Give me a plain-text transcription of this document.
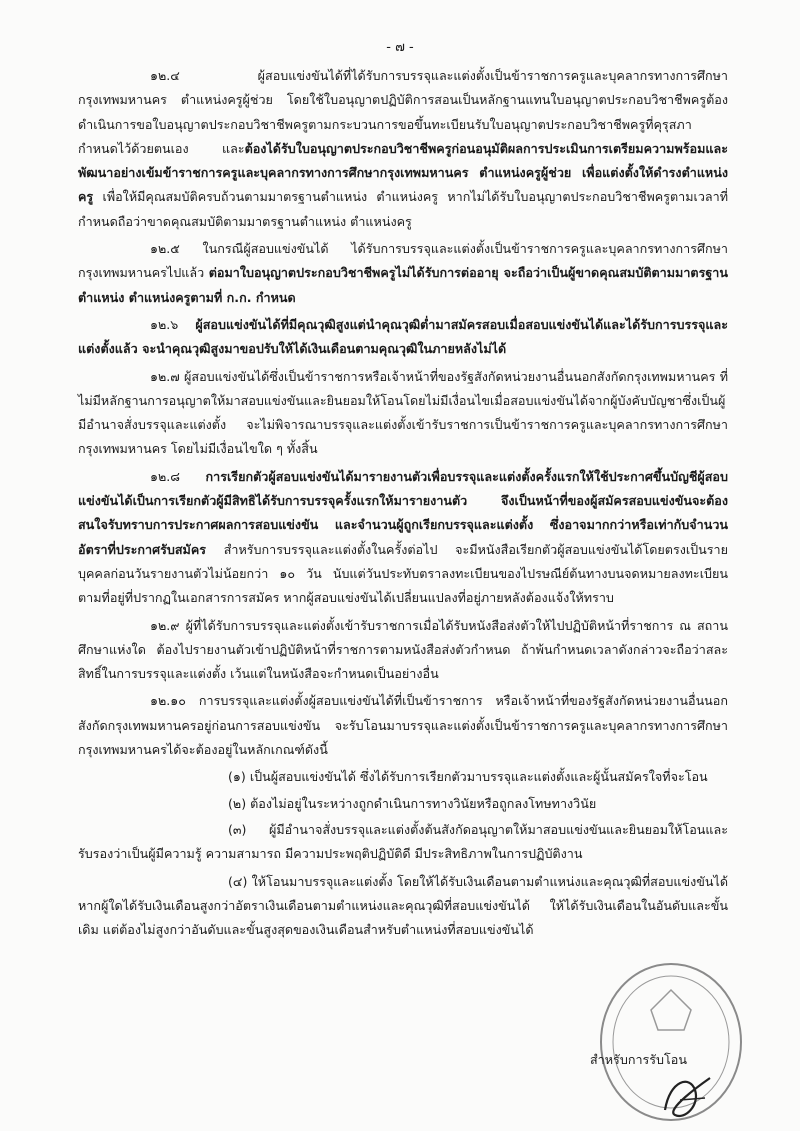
- ๗ -

๑๒.๔ ผู้สอบแข่งขันได้ที่ได้รับการบรรจุและแต่งตั้งเป็นข้าราชการครูและบุคลากรทางการศึกษากรุงเทพมหานคร ตำแหน่งครูผู้ช่วย โดยใช้ใบอนุญาตปฏิบัติการสอนเป็นหลักฐานแทนใบอนุญาตประกอบวิชาชีพครูต้องดำเนินการขอใบอนุญาตประกอบวิชาชีพครูตามกระบวนการขอขึ้นทะเบียนรับใบอนุญาตประกอบวิชาชีพครูที่คุรุสภากำหนดไว้ด้วยตนเอง และต้องได้รับใบอนุญาตประกอบวิชาชีพครูก่อนอนุมัติผลการประเมินการเตรียมความพร้อมและพัฒนาอย่างเข้มข้าราชการครูและบุคลากรทางการศึกษากรุงเทพมหานคร ตำแหน่งครูผู้ช่วย เพื่อแต่งตั้งให้ดำรงตำแหน่งครู เพื่อให้มีคุณสมบัติครบถ้วนตามมาตรฐานตำแหน่ง ตำแหน่งครู หากไม่ได้รับใบอนุญาตประกอบวิชาชีพครูตามเวลาที่กำหนดถือว่าขาดคุณสมบัติตามมาตรฐานตำแหน่ง ตำแหน่งครู

๑๒.๕ ในกรณีผู้สอบแข่งขันได้ ได้รับการบรรจุและแต่งตั้งเป็นข้าราชการครูและบุคลากรทางการศึกษากรุงเทพมหานครไปแล้ว ต่อมาใบอนุญาตประกอบวิชาชีพครูไม่ได้รับการต่ออายุ จะถือว่าเป็นผู้ขาดคุณสมบัติตามมาตรฐานตำแหน่ง ตำแหน่งครูตามที่ ก.ก. กำหนด

๑๒.๖ ผู้สอบแข่งขันได้ที่มีคุณวุฒิสูงแต่นำคุณวุฒิต่ำมาสมัครสอบเมื่อสอบแข่งขันได้และได้รับการบรรจุและแต่งตั้งแล้ว จะนำคุณวุฒิสูงมาขอปรับให้ได้เงินเดือนตามคุณวุฒิในภายหลังไม่ได้

๑๒.๗ ผู้สอบแข่งขันได้ซึ่งเป็นข้าราชการหรือเจ้าหน้าที่ของรัฐสังกัดหน่วยงานอื่นนอกสังกัดกรุงเทพมหานคร ที่ไม่มีหลักฐานการอนุญาตให้มาสอบแข่งขันและยินยอมให้โอนโดยไม่มีเงื่อนไขเมื่อสอบแข่งขันได้จากผู้บังคับบัญชาซึ่งเป็นผู้มีอำนาจสั่งบรรจุและแต่งตั้ง จะไม่พิจารณาบรรจุและแต่งตั้งเข้ารับราชการเป็นข้าราชการครูและบุคลากรทางการศึกษากรุงเทพมหานคร โดยไม่มีเงื่อนไขใด ๆ ทั้งสิ้น

๑๒.๘ การเรียกตัวผู้สอบแข่งขันได้มารายงานตัวเพื่อบรรจุและแต่งตั้งครั้งแรกให้ใช้ประกาศขึ้นบัญชีผู้สอบแข่งขันได้เป็นการเรียกตัวผู้มีสิทธิได้รับการบรรจุครั้งแรกให้มารายงานตัว จึงเป็นหน้าที่ของผู้สมัครสอบแข่งขันจะต้องสนใจรับทราบการประกาศผลการสอบแข่งขัน และจำนวนผู้ถูกเรียกบรรจุและแต่งตั้ง ซึ่งอาจมากกว่าหรือเท่ากับจำนวนอัตราที่ประกาศรับสมัคร สำหรับการบรรจุและแต่งตั้งในครั้งต่อไป จะมีหนังสือเรียกตัวผู้สอบแข่งขันได้โดยตรงเป็นรายบุคคลก่อนวันรายงานตัวไม่น้อยกว่า ๑๐ วัน นับแต่วันประทับตราลงทะเบียนของไปรษณีย์ต้นทางบนจดหมายลงทะเบียนตามที่อยู่ที่ปรากฏในเอกสารการสมัคร หากผู้สอบแข่งขันได้เปลี่ยนแปลงที่อยู่ภายหลังต้องแจ้งให้ทราบ

๑๒.๙ ผู้ที่ได้รับการบรรจุและแต่งตั้งเข้ารับราชการเมื่อได้รับหนังสือส่งตัวให้ไปปฏิบัติหน้าที่ราชการ ณ สถานศึกษาแห่งใด ต้องไปรายงานตัวเข้าปฏิบัติหน้าที่ราชการตามหนังสือส่งตัวกำหนด ถ้าพ้นกำหนดเวลาดังกล่าวจะถือว่าสละสิทธิ์ในการบรรจุและแต่งตั้ง เว้นแต่ในหนังสือจะกำหนดเป็นอย่างอื่น

๑๒.๑๐ การบรรจุและแต่งตั้งผู้สอบแข่งขันได้ที่เป็นข้าราชการ หรือเจ้าหน้าที่ของรัฐสังกัดหน่วยงานอื่นนอกสังกัดกรุงเทพมหานครอยู่ก่อนการสอบแข่งขัน จะรับโอนมาบรรจุและแต่งตั้งเป็นข้าราชการครูและบุคลากรทางการศึกษากรุงเทพมหานครได้จะต้องอยู่ในหลักเกณฑ์ดังนี้

(๑) เป็นผู้สอบแข่งขันได้ ซึ่งได้รับการเรียกตัวมาบรรจุและแต่งตั้งและผู้นั้นสมัครใจที่จะโอน

(๒) ต้องไม่อยู่ในระหว่างถูกดำเนินการทางวินัยหรือถูกลงโทษทางวินัย

(๓) ผู้มีอำนาจสั่งบรรจุและแต่งตั้งต้นสังกัดอนุญาตให้มาสอบแข่งขันและยินยอมให้โอนและรับรองว่าเป็นผู้มีความรู้ ความสามารถ มีความประพฤติปฏิบัติดี มีประสิทธิภาพในการปฏิบัติงาน

(๔) ให้โอนมาบรรจุและแต่งตั้ง โดยให้ได้รับเงินเดือนตามตำแหน่งและคุณวุฒิที่สอบแข่งขันได้ หากผู้ใดได้รับเงินเดือนสูงกว่าอัตราเงินเดือนตามตำแหน่งและคุณวุฒิที่สอบแข่งขันได้ ให้ได้รับเงินเดือนในอันดับและขั้นเดิม แต่ต้องไม่สูงกว่าอันดับและขั้นสูงสุดของเงินเดือนสำหรับตำแหน่งที่สอบแข่งขันได้

สำหรับการรับโอน
